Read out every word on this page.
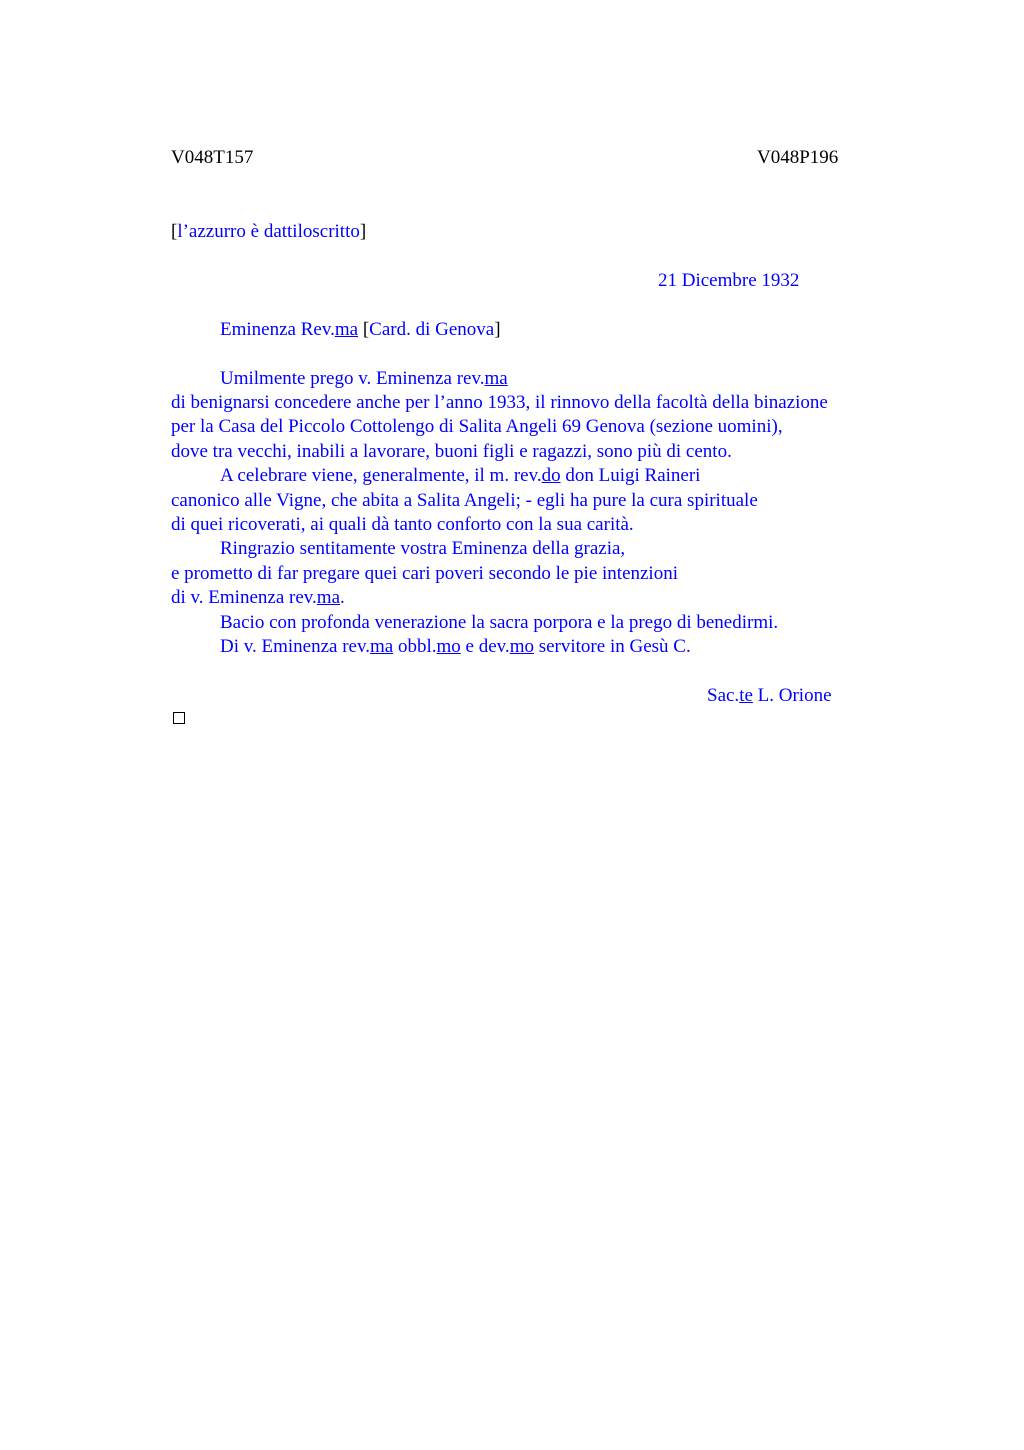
V048T157	V048P196
[l’azzurro è dattiloscritto]
21 Dicembre 1932
Eminenza Rev.ma [Card. di Genova]
Umilmente prego v. Eminenza rev.ma
di benignarsi concedere anche per l’anno 1933, il rinnovo della facoltà della binazione
per la Casa del Piccolo Cottolengo di Salita Angeli 69 Genova (sezione uomini),
dove tra vecchi, inabili a lavorare, buoni figli e ragazzi, sono più di cento.
A celebrare viene, generalmente, il m. rev.do don Luigi Raineri
canonico alle Vigne, che abita a Salita Angeli; - egli ha pure la cura spirituale
di quei ricoverati, ai quali dà tanto conforto con la sua carità.
Ringrazio sentitamente vostra Eminenza della grazia,
e prometto di far pregare quei cari poveri secondo le pie intenzioni
di v. Eminenza rev.ma.
Bacio con profonda venerazione la sacra porpora e la prego di benedirmi.
Di v. Eminenza rev.ma obbl.mo e dev.mo servitore in Gesù C.
Sac.te L. Orione
